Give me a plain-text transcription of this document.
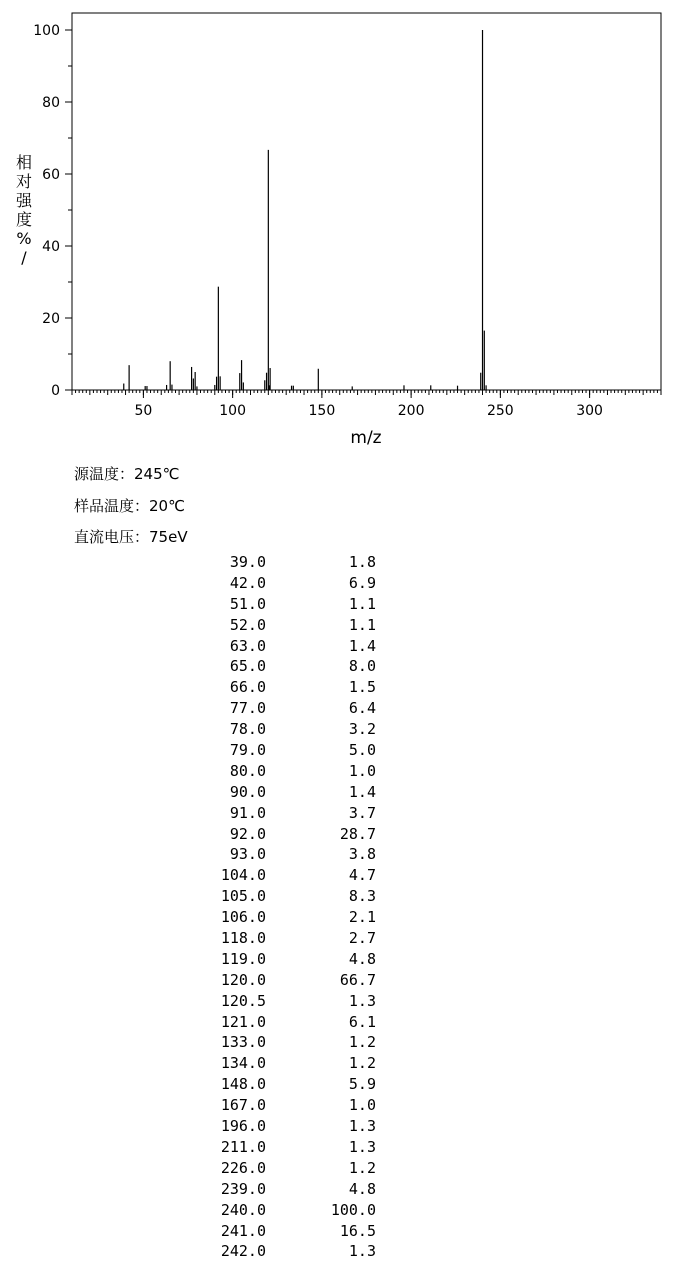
50	100	150	200	250	300
0
20
40
60
80
100
m/z
相对强度% /
源温度：245℃
样品温度：20℃
直流电压：75eV
39.0	1.8
42.0	6.9
51.0	1.1
52.0	1.1
63.0	1.4
65.0	8.0
66.0	1.5
77.0	6.4
78.0	3.2
79.0	5.0
80.0	1.0
90.0	1.4
91.0	3.7
92.0	28.7
93.0	3.8
104.0	4.7
105.0	8.3
106.0	2.1
118.0	2.7
119.0	4.8
120.0	66.7
120.5	1.3
121.0	6.1
133.0	1.2
134.0	1.2
148.0	5.9
167.0	1.0
196.0	1.3
211.0	1.3
226.0	1.2
239.0	4.8
240.0	100.0
241.0	16.5
242.0	1.3
